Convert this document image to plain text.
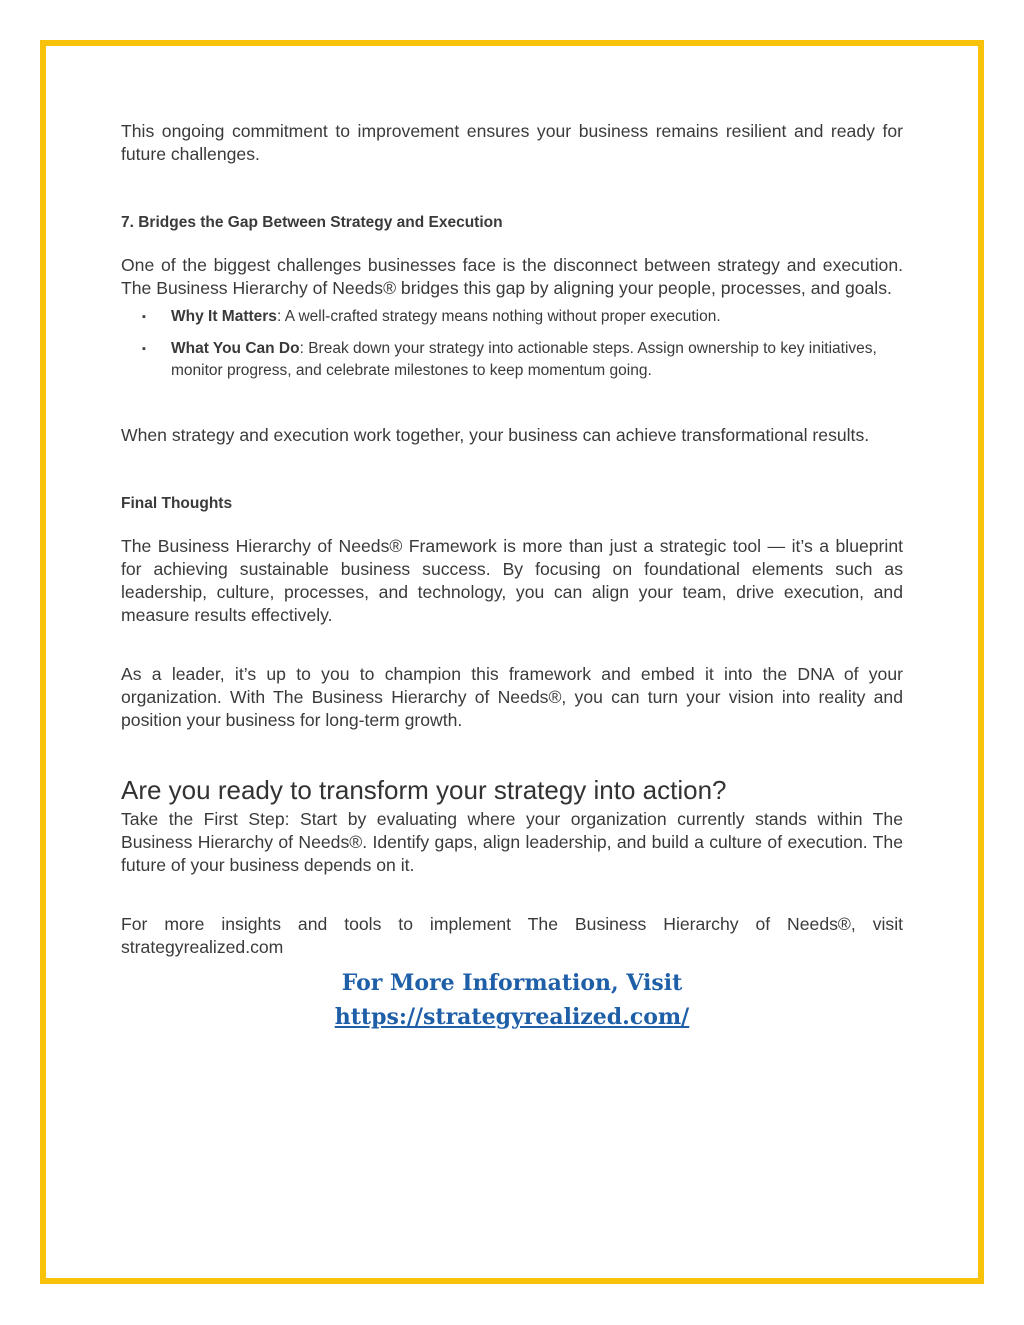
This ongoing commitment to improvement ensures your business remains resilient and ready for future challenges.

7. Bridges the Gap Between Strategy and Execution

One of the biggest challenges businesses face is the disconnect between strategy and execution. The Business Hierarchy of Needs® bridges this gap by aligning your people, processes, and goals.

▪ Why It Matters: A well-crafted strategy means nothing without proper execution.
▪ What You Can Do: Break down your strategy into actionable steps. Assign ownership to key initiatives, monitor progress, and celebrate milestones to keep momentum going.

When strategy and execution work together, your business can achieve transformational results.

Final Thoughts

The Business Hierarchy of Needs® Framework is more than just a strategic tool — it’s a blueprint for achieving sustainable business success. By focusing on foundational elements such as leadership, culture, processes, and technology, you can align your team, drive execution, and measure results effectively.

As a leader, it’s up to you to champion this framework and embed it into the DNA of your organization. With The Business Hierarchy of Needs®, you can turn your vision into reality and position your business for long-term growth.

Are you ready to transform your strategy into action?

Take the First Step: Start by evaluating where your organization currently stands within The Business Hierarchy of Needs®. Identify gaps, align leadership, and build a culture of execution. The future of your business depends on it.

For more insights and tools to implement The Business Hierarchy of Needs®, visit strategyrealized.com

For More Information, Visit
https://strategyrealized.com/
